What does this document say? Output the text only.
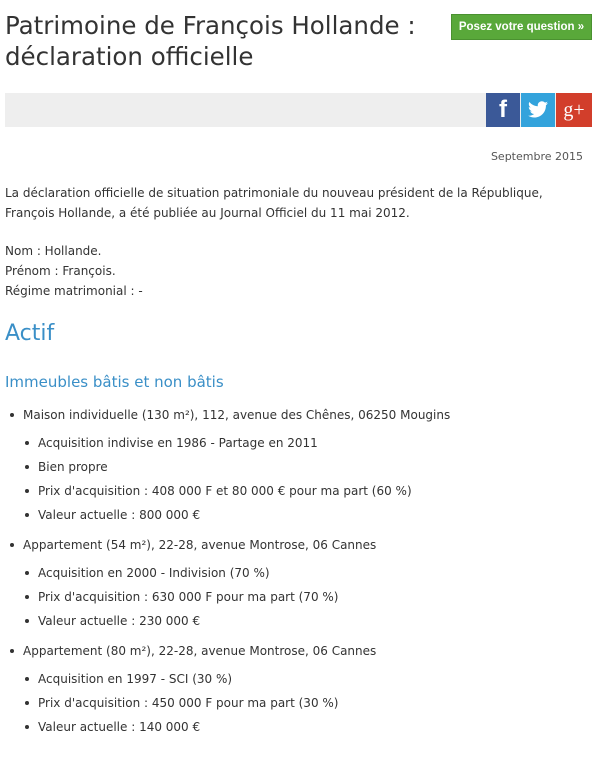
Patrimoine de François Hollande : déclaration officielle
Posez votre question »
f	g+

Septembre 2015

La déclaration officielle de situation patrimoniale du nouveau président de la République, François Hollande, a été publiée au Journal Officiel du 11 mai 2012.

Nom : Hollande.

Prénom : François.

Régime matrimonial : -

Actif
Immeubles bâtis et non bâtis

Maison individuelle (130 m²), 112, avenue des Chênes, 06250 Mougins

Acquisition indivise en 1986 - Partage en 2011
Bien propre
Prix d'acquisition : 408 000 F et 80 000 € pour ma part (60 %)
Valeur actuelle : 800 000 €

Appartement (54 m²), 22-28, avenue Montrose, 06 Cannes

Acquisition en 2000 - Indivision (70 %)
Prix d'acquisition : 630 000 F pour ma part (70 %)
Valeur actuelle : 230 000 €

Appartement (80 m²), 22-28, avenue Montrose, 06 Cannes

Acquisition en 1997 - SCI (30 %)
Prix d'acquisition : 450 000 F pour ma part (30 %)
Valeur actuelle : 140 000 €
